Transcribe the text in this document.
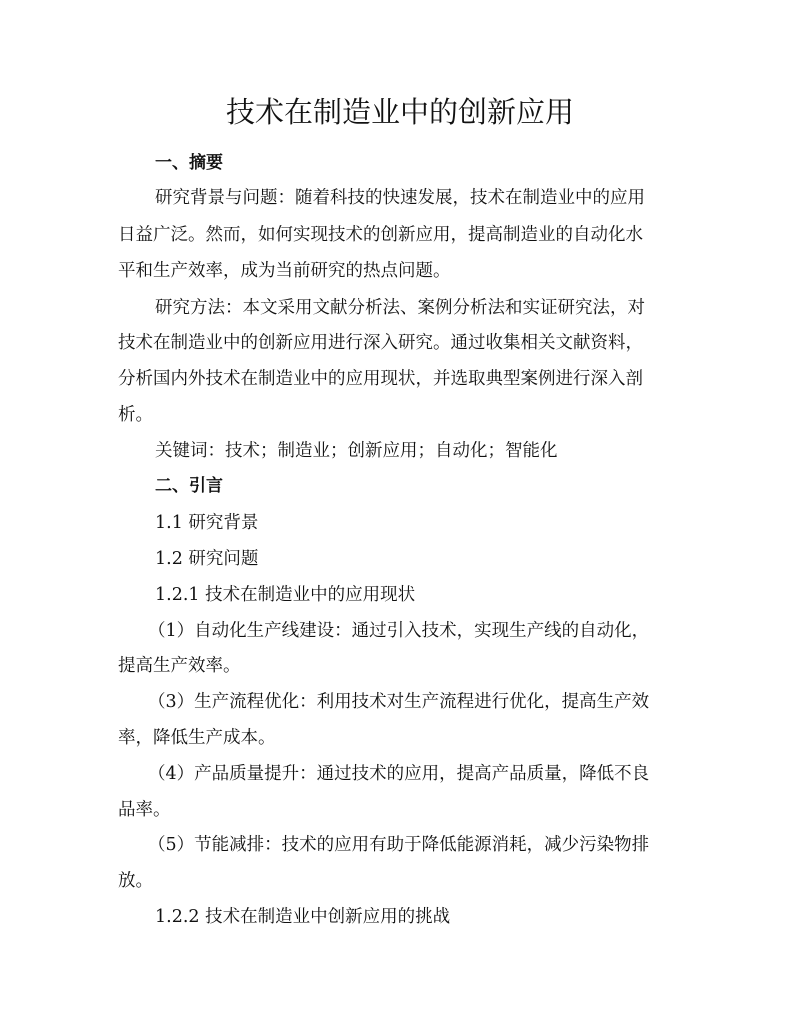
技术在制造业中的创新应用

一、摘要

研究背景与问题：随着科技的快速发展，技术在制造业中的应用

日益广泛。然而，如何实现技术的创新应用，提高制造业的自动化水

平和生产效率，成为当前研究的热点问题。

研究方法：本文采用文献分析法、案例分析法和实证研究法，对

技术在制造业中的创新应用进行深入研究。通过收集相关文献资料，

分析国内外技术在制造业中的应用现状，并选取典型案例进行深入剖

析。

关键词：技术；制造业；创新应用；自动化；智能化

二、引言

1.1 研究背景

1.2 研究问题

1.2.1 技术在制造业中的应用现状

（1）自动化生产线建设：通过引入技术，实现生产线的自动化，

提高生产效率。

（3）生产流程优化：利用技术对生产流程进行优化，提高生产效

率，降低生产成本。

（4）产品质量提升：通过技术的应用，提高产品质量，降低不良

品率。

（5）节能减排：技术的应用有助于降低能源消耗，减少污染物排

放。

1.2.2 技术在制造业中创新应用的挑战
